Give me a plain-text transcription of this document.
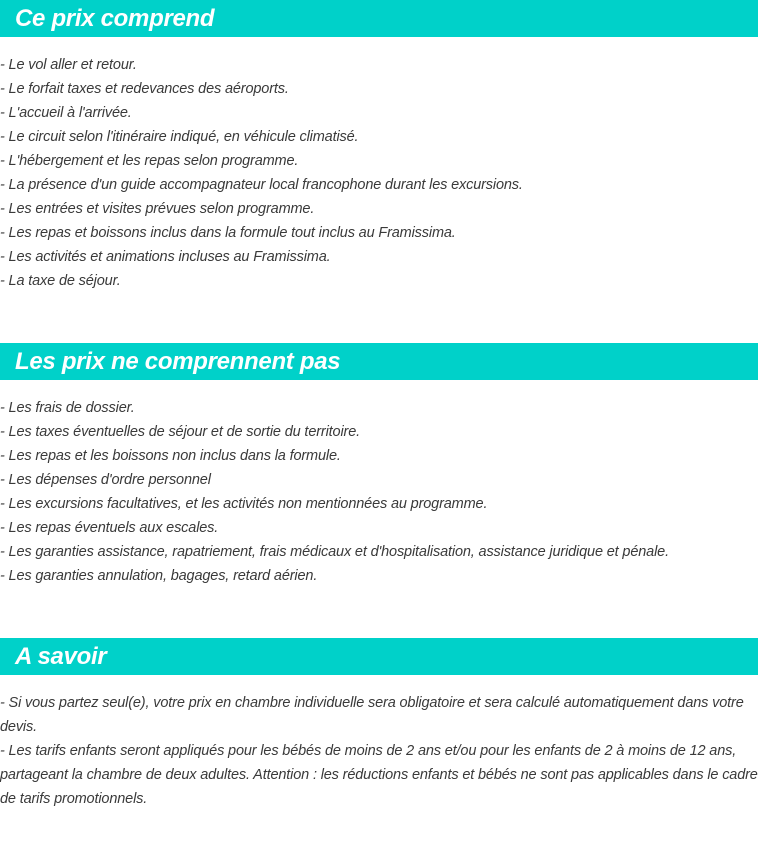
Ce prix comprend
- Le vol aller et retour.
- Le forfait taxes et redevances des aéroports.
- L'accueil à l'arrivée.
- Le circuit selon l'itinéraire indiqué, en véhicule climatisé.
- L'hébergement et les repas selon programme.
- La présence d'un guide accompagnateur local francophone durant les excursions.
- Les entrées et visites prévues selon programme.
- Les repas et boissons inclus dans la formule tout inclus au Framissima.
- Les activités et animations incluses au Framissima.
- La taxe de séjour.
Les prix ne comprennent pas
- Les frais de dossier.
- Les taxes éventuelles de séjour et de sortie du territoire.
- Les repas et les boissons non inclus dans la formule.
- Les dépenses d'ordre personnel
- Les excursions facultatives, et les activités non mentionnées au programme.
- Les repas éventuels aux escales.
- Les garanties assistance, rapatriement, frais médicaux et d'hospitalisation, assistance juridique et pénale.
- Les garanties annulation, bagages, retard aérien.
A savoir
- Si vous partez seul(e), votre prix en chambre individuelle sera obligatoire et sera calculé automatiquement dans votre devis.
- Les tarifs enfants seront appliqués pour les bébés de moins de 2 ans et/ou pour les enfants de 2 à moins de 12 ans, partageant la chambre de deux adultes. Attention : les réductions enfants et bébés ne sont pas applicables dans le cadre de tarifs promotionnels.
